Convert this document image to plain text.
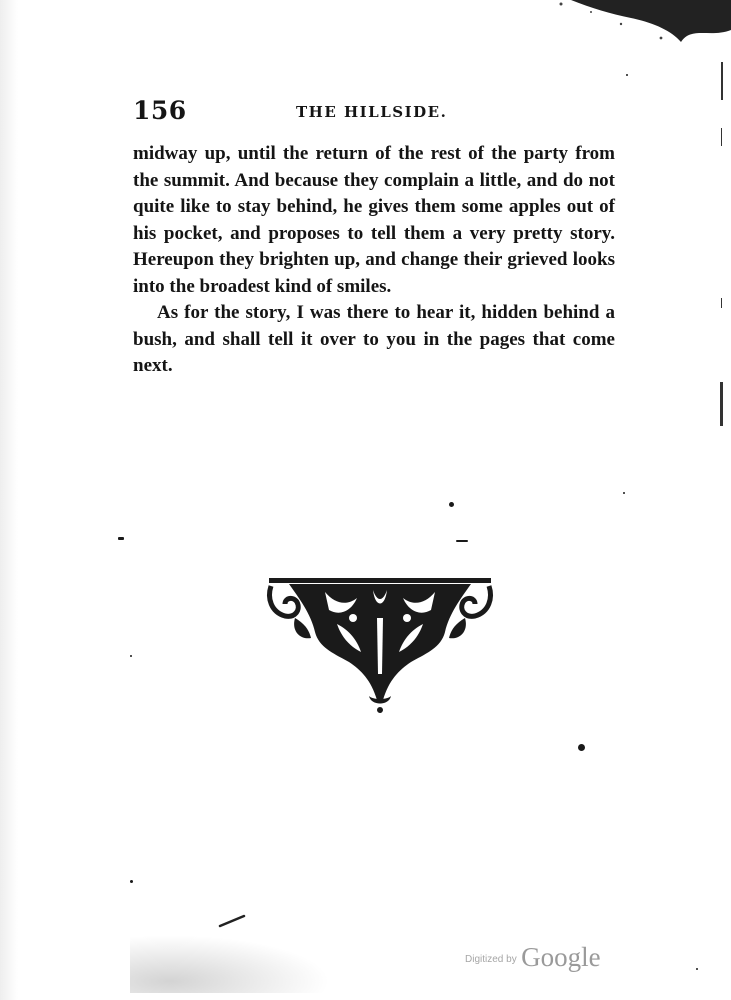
156	THE HILLSIDE.

midway up, until the return of the rest of the party from the summit. And because they complain a little, and do not quite like to stay behind, he gives them some apples out of his pocket, and proposes to tell them a very pretty story. Hereupon they brighten up, and change their grieved looks into the broadest kind of smiles.

As for the story, I was there to hear it, hidden behind a bush, and shall tell it over to you in the pages that come next.

$^{Digitized by}$ Google
